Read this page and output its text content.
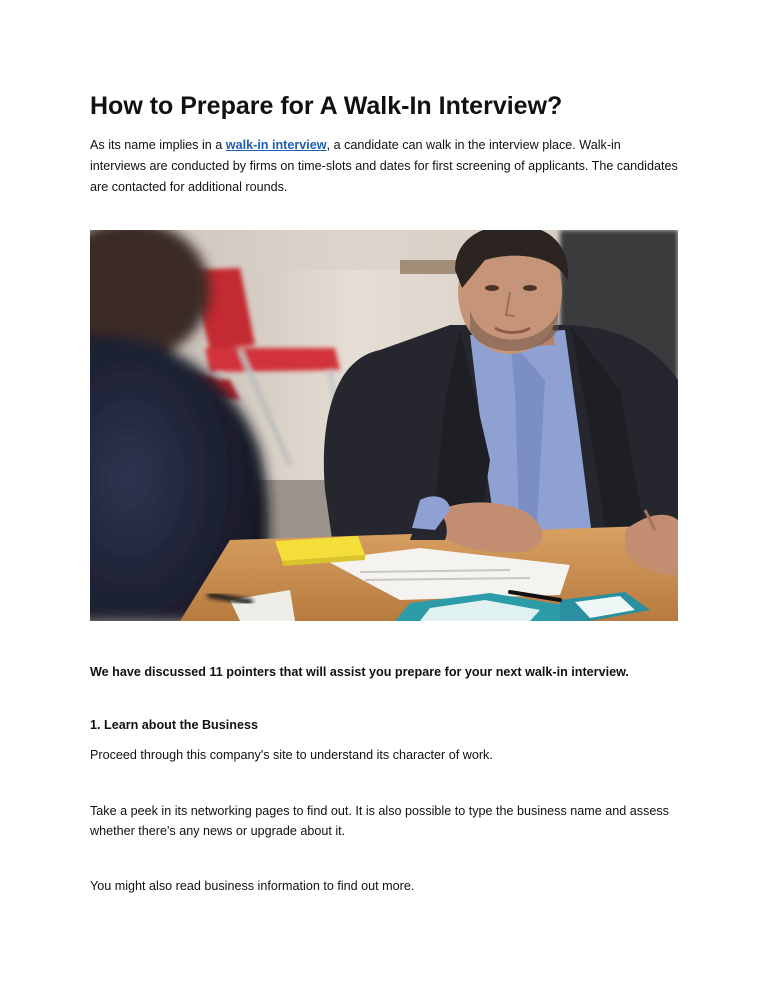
How to Prepare for A Walk-In Interview?

As its name implies in a walk-in interview, a candidate can walk in the interview place. Walk-in interviews are conducted by firms on time-slots and dates for first screening of applicants. The candidates are contacted for additional rounds.

We have discussed 11 pointers that will assist you prepare for your next walk-in interview.

1. Learn about the Business

Proceed through this company's site to understand its character of work.

Take a peek in its networking pages to find out. It is also possible to type the business name and assess whether there's any news or upgrade about it.

You might also read business information to find out more.
